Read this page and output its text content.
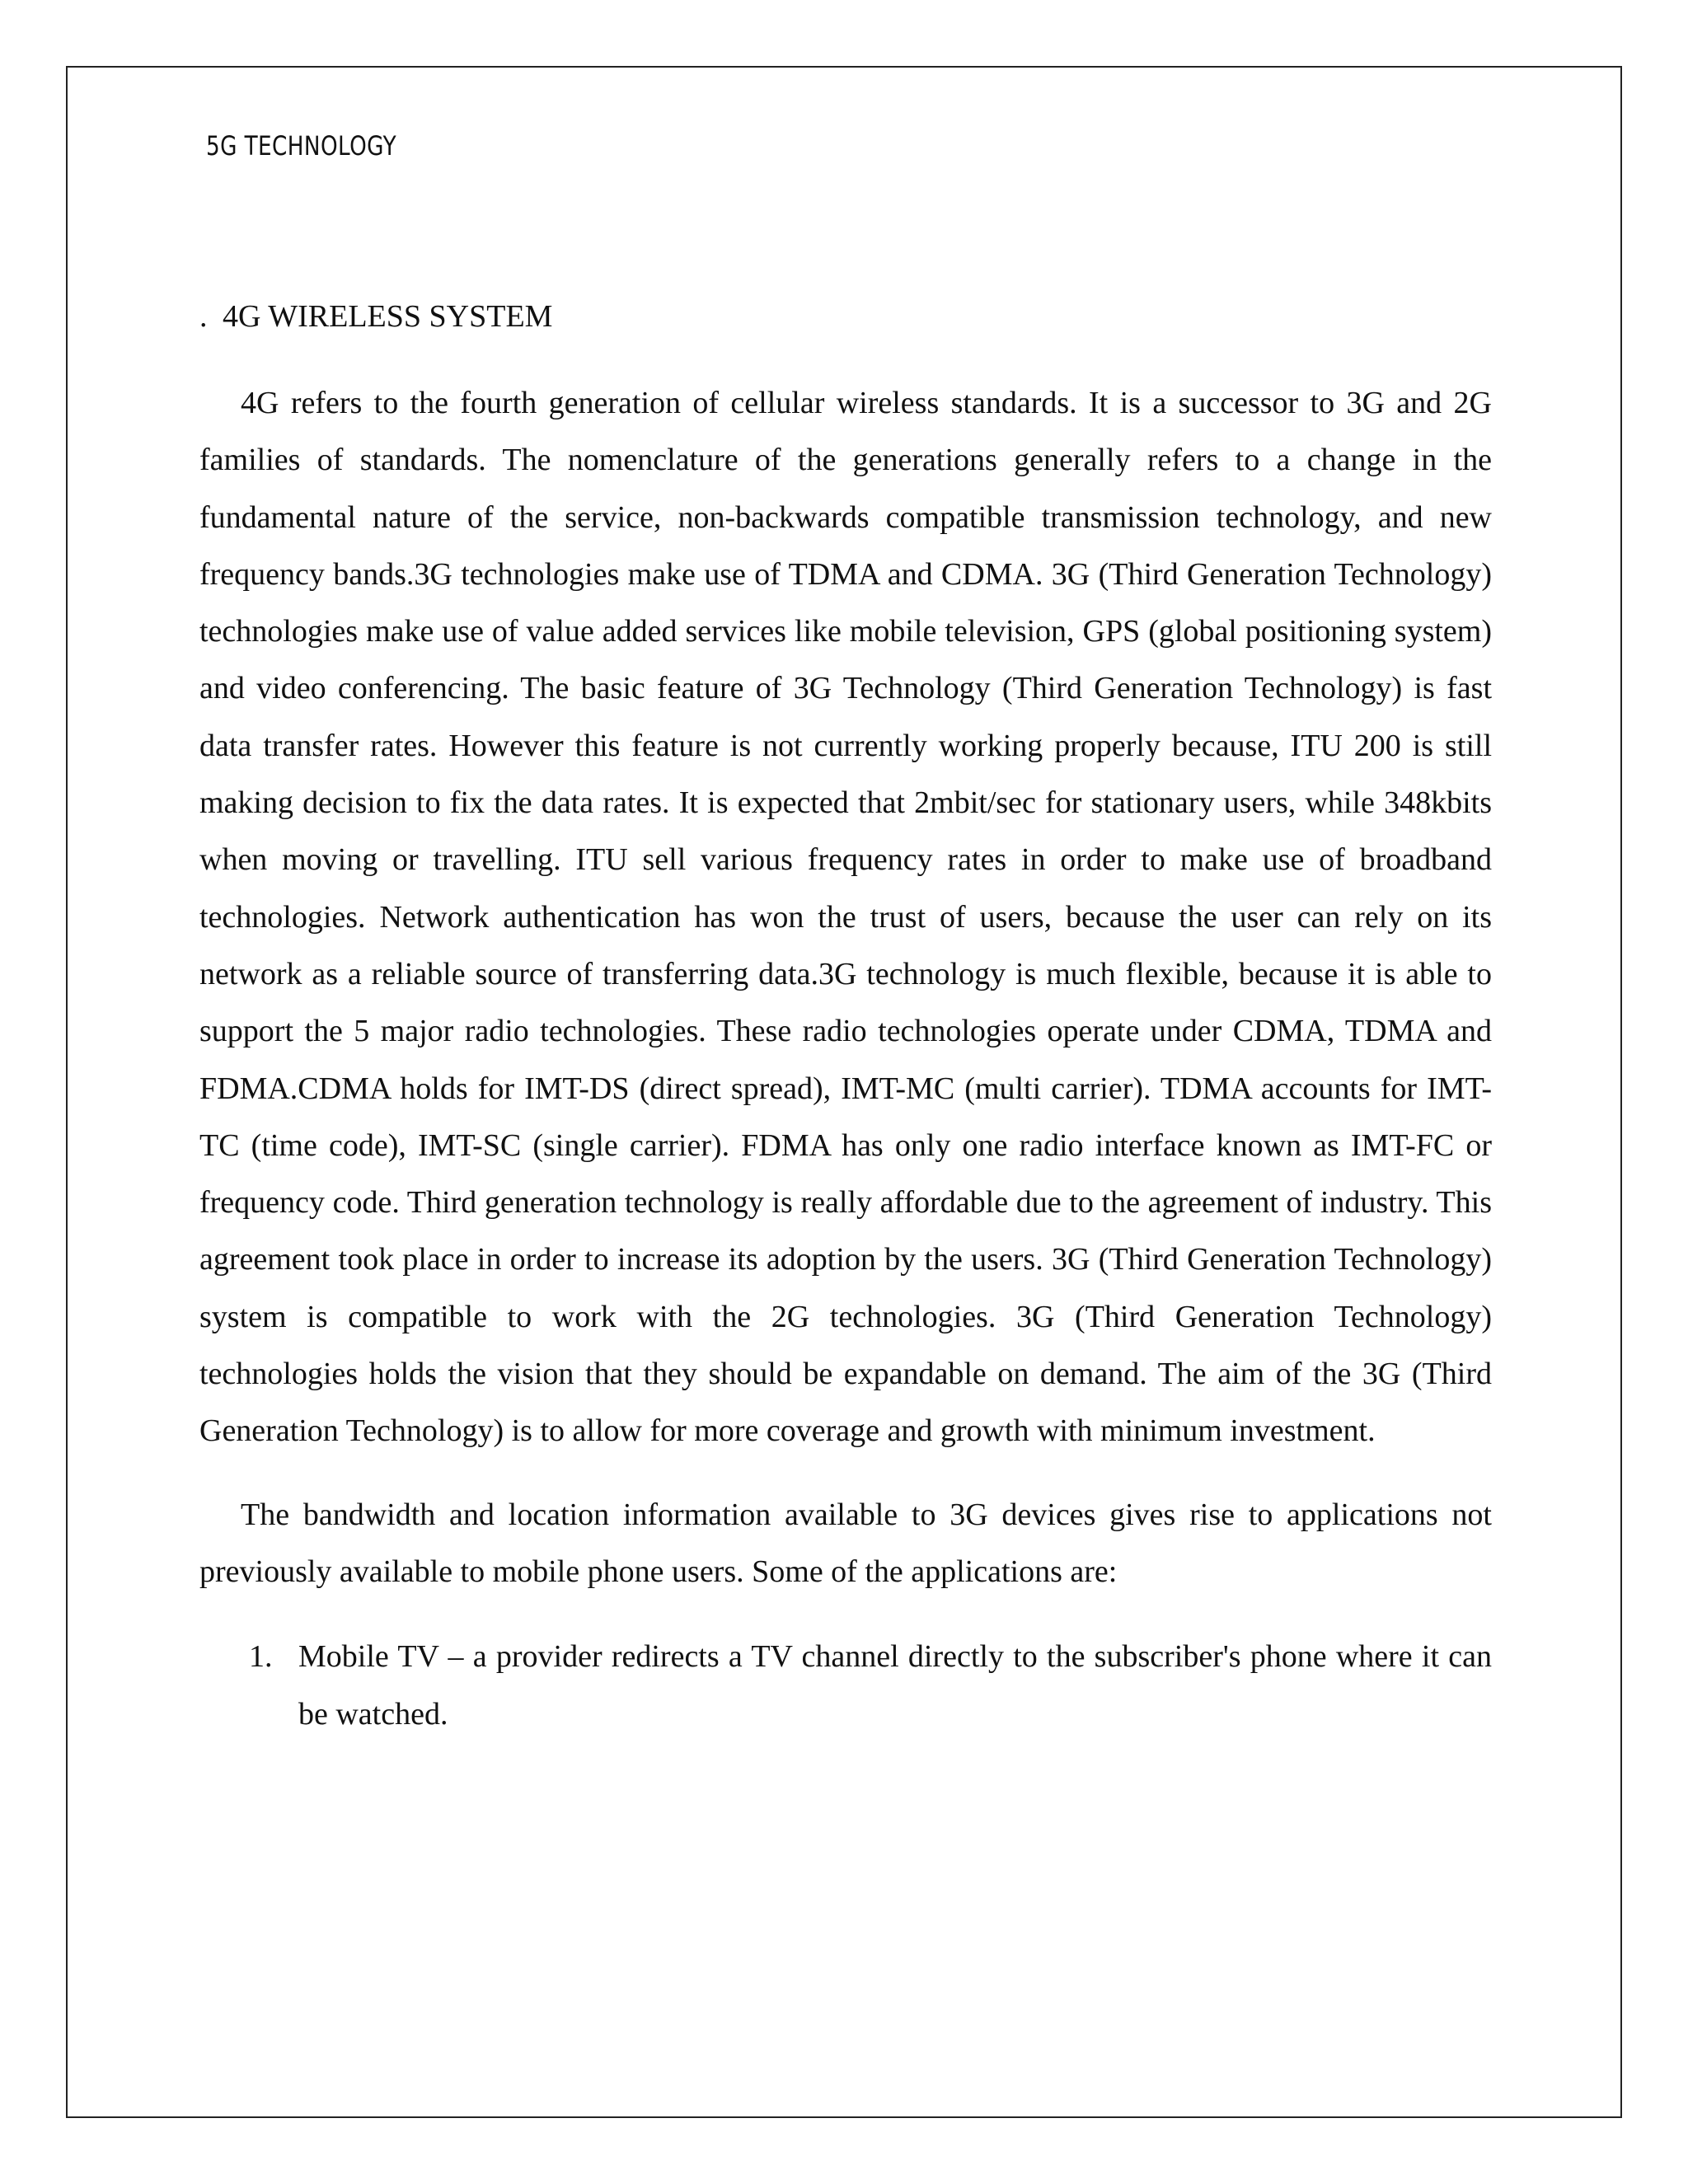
5G TECHNOLOGY
. 4G WIRELESS SYSTEM

4G refers to the fourth generation of cellular wireless standards. It is a successor to 3G and 2G families of standards. The nomenclature of the generations generally refers to a change in the fundamental nature of the service, non-backwards compatible transmission technology, and new frequency bands.3G technologies make use of TDMA and CDMA. 3G (Third Generation Technology) technologies make use of value added services like mobile television, GPS (global positioning system) and video conferencing. The basic feature of 3G Technology (Third Generation Technology) is fast data transfer rates. However this feature is not currently working properly because, ITU 200 is still making decision to fix the data rates. It is expected that 2mbit/sec for stationary users, while 348kbits when moving or travelling. ITU sell various frequency rates in order to make use of broadband technologies. Network authentication has won the trust of users, because the user can rely on its network as a reliable source of transferring data.3G technology is much flexible, because it is able to support the 5 major radio technologies. These radio technologies operate under CDMA, TDMA and FDMA.CDMA holds for IMT-DS (direct spread), IMT-MC (multi carrier). TDMA accounts for IMT-TC (time code), IMT-SC (single carrier). FDMA has only one radio interface known as IMT-FC or frequency code. Third generation technology is really affordable due to the agreement of industry. This agreement took place in order to increase its adoption by the users. 3G (Third Generation Technology) system is compatible to work with the 2G technologies. 3G (Third Generation Technology) technologies holds the vision that they should be expandable on demand. The aim of the 3G (Third Generation Technology) is to allow for more coverage and growth with minimum investment.

The bandwidth and location information available to 3G devices gives rise to applications not previously available to mobile phone users. Some of the applications are:

1. Mobile TV – a provider redirects a TV channel directly to the subscriber's phone where it can be watched.
